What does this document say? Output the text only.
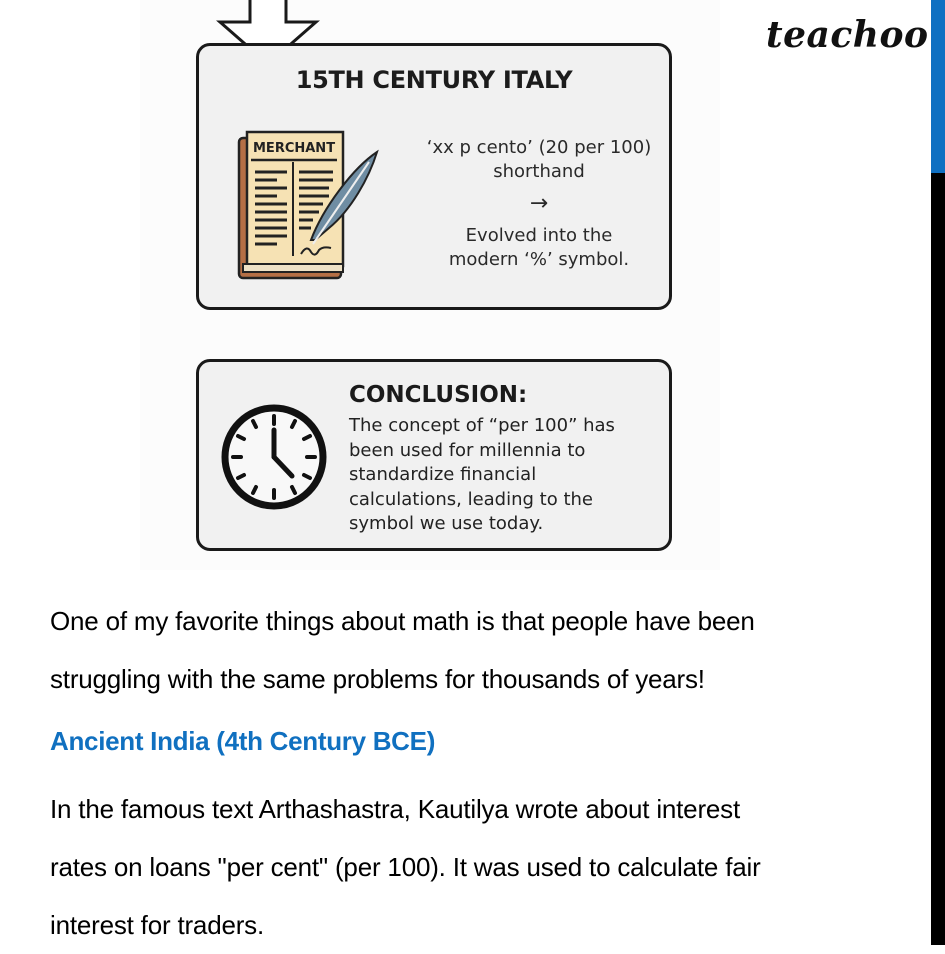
15TH CENTURY ITALY
MERCHANT	‘xx p cento’ (20 per 100)
shorthand
→
Evolved into the
modern ‘%’ symbol.
CONCLUSION:
The concept of “per 100” has
been used for millennia to
standardize financial
calculations, leading to the
symbol we use today.
teachoo
One of my favorite things about math is that people have been
struggling with the same problems for thousands of years!
Ancient India (4th Century BCE)
In the famous text Arthashastra, Kautilya wrote about interest
rates on loans "per cent" (per 100). It was used to calculate fair
interest for traders.
